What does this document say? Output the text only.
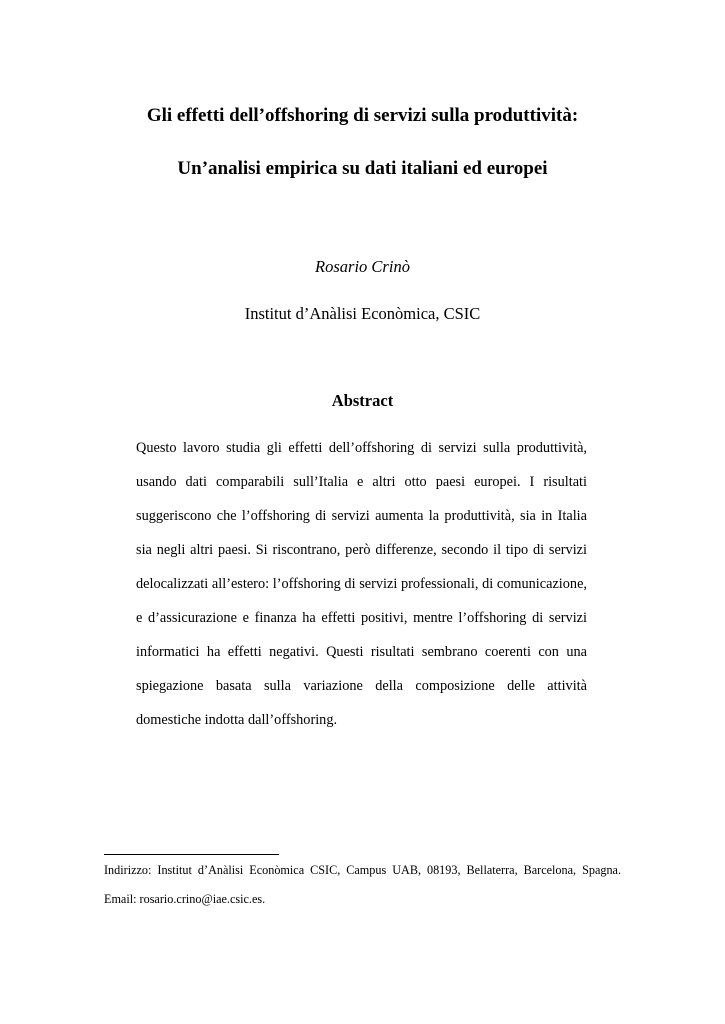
Gli effetti dell’offshoring di servizi sulla produttività:
Un’analisi empirica su dati italiani ed europei
Rosario Crinò
Institut d’Anàlisi Econòmica, CSIC
Abstract

Questo lavoro studia gli effetti dell’offshoring di servizi sulla produttività, usando dati comparabili sull’Italia e altri otto paesi europei. I risultati suggeriscono che l’offshoring di servizi aumenta la produttività, sia in Italia sia negli altri paesi. Si riscontrano, però differenze, secondo il tipo di servizi delocalizzati all’estero: l’offshoring di servizi professionali, di comunicazione, e d’assicurazione e finanza ha effetti positivi, mentre l’offshoring di servizi informatici ha effetti negativi. Questi risultati sembrano coerenti con una spiegazione basata sulla variazione della composizione delle attività domestiche indotta dall’offshoring.

Indirizzo: Institut d’Anàlisi Econòmica CSIC, Campus UAB, 08193, Bellaterra, Barcelona, Spagna.
Email: rosario.crino@iae.csic.es.
